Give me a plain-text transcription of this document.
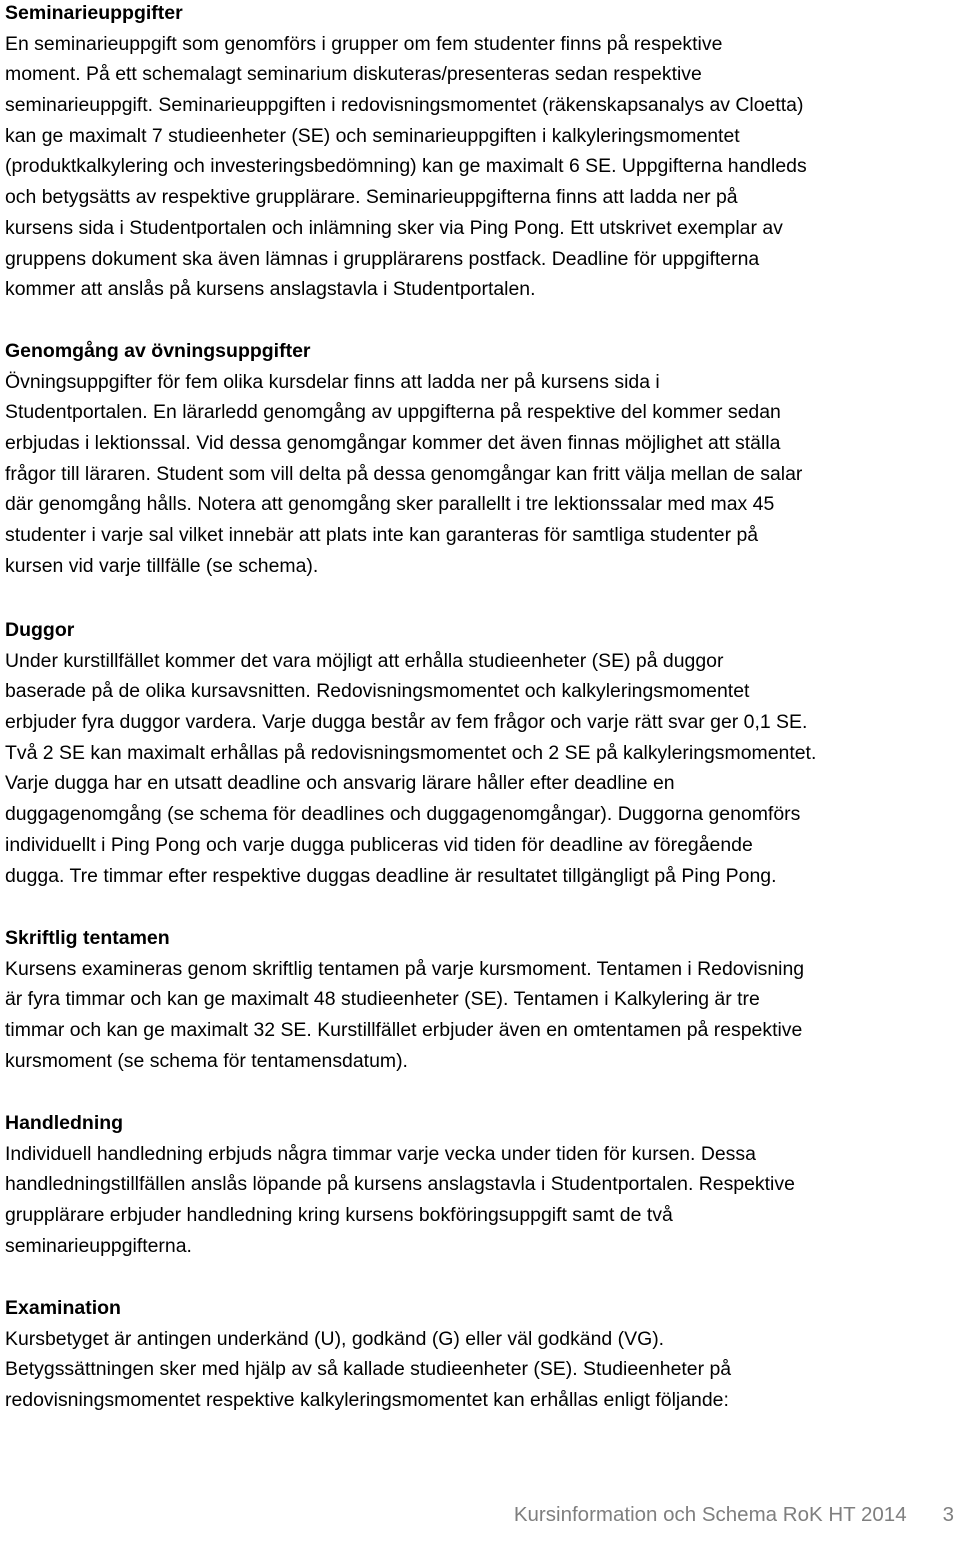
Seminarieuppgifter

En seminarieuppgift som genomförs i grupper om fem studenter finns på respektive
moment. På ett schemalagt seminarium diskuteras/presenteras sedan respektive
seminarieuppgift. Seminarieuppgiften i redovisningsmomentet (räkenskapsanalys av Cloetta)
kan ge maximalt 7 studieenheter (SE) och seminarieuppgiften i kalkyleringsmomentet
(produktkalkylering och investeringsbedömning) kan ge maximalt 6 SE. Uppgifterna handleds
och betygsätts av respektive grupplärare. Seminarieuppgifterna finns att ladda ner på
kursens sida i Studentportalen och inlämning sker via Ping Pong. Ett utskrivet exemplar av
gruppens dokument ska även lämnas i grupplärarens postfack. Deadline för uppgifterna
kommer att anslås på kursens anslagstavla i Studentportalen.

Genomgång av övningsuppgifter

Övningsuppgifter för fem olika kursdelar finns att ladda ner på kursens sida i
Studentportalen. En lärarledd genomgång av uppgifterna på respektive del kommer sedan
erbjudas i lektionssal. Vid dessa genomgångar kommer det även finnas möjlighet att ställa
frågor till läraren. Student som vill delta på dessa genomgångar kan fritt välja mellan de salar
där genomgång hålls. Notera att genomgång sker parallellt i tre lektionssalar med max 45
studenter i varje sal vilket innebär att plats inte kan garanteras för samtliga studenter på
kursen vid varje tillfälle (se schema).

Duggor

Under kurstillfället kommer det vara möjligt att erhålla studieenheter (SE) på duggor
baserade på de olika kursavsnitten. Redovisningsmomentet och kalkyleringsmomentet
erbjuder fyra duggor vardera. Varje dugga består av fem frågor och varje rätt svar ger 0,1 SE.
Två 2 SE kan maximalt erhållas på redovisningsmomentet och 2 SE på kalkyleringsmomentet.
Varje dugga har en utsatt deadline och ansvarig lärare håller efter deadline en
duggagenomgång (se schema för deadlines och duggagenomgångar). Duggorna genomförs
individuellt i Ping Pong och varje dugga publiceras vid tiden för deadline av föregående
dugga. Tre timmar efter respektive duggas deadline är resultatet tillgängligt på Ping Pong.

Skriftlig tentamen

Kursens examineras genom skriftlig tentamen på varje kursmoment. Tentamen i Redovisning
är fyra timmar och kan ge maximalt 48 studieenheter (SE). Tentamen i Kalkylering är tre
timmar och kan ge maximalt 32 SE. Kurstillfället erbjuder även en omtentamen på respektive
kursmoment (se schema för tentamensdatum).

Handledning

Individuell handledning erbjuds några timmar varje vecka under tiden för kursen. Dessa
handledningstillfällen anslås löpande på kursens anslagstavla i Studentportalen. Respektive
grupplärare erbjuder handledning kring kursens bokföringsuppgift samt de två
seminarieuppgifterna.

Examination

Kursbetyget är antingen underkänd (U), godkänd (G) eller väl godkänd (VG).
Betygssättningen sker med hjälp av så kallade studieenheter (SE). Studieenheter på
redovisningsmomentet respektive kalkyleringsmomentet kan erhållas enligt följande:

Kursinformation och Schema RoK HT 2014 3
